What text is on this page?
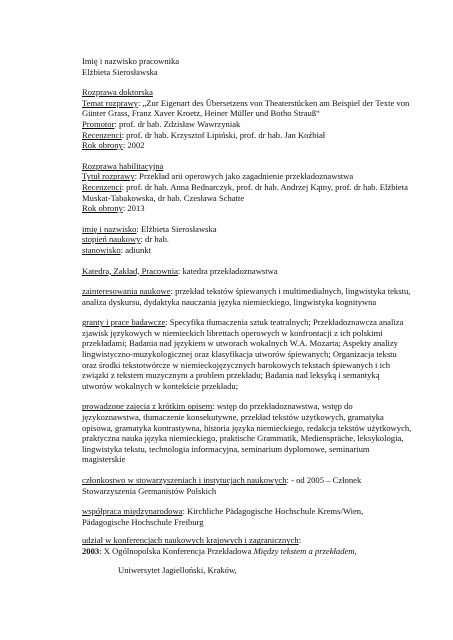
Imię i nazwisko pracownika

Elżbieta Sierosławska

Rozprawa doktorska

Temat rozprawy: „Zur Eigenart des Übersetzens von Theaterstücken am Beispiel der Texte von Günter Grass, Franz Xaver Kroetz, Heiner Müller und Botho Strauß“

Promotor: prof. dr hab. Zdzisław Wawrzyniak

Recenzenci: prof. dr hab. Krzysztof Lipiński, prof. dr hab. Jan Koźbiał

Rok obrony: 2002

Rozprawa habilitacyjna

Tytuł rozprawy: Przekład arii operowych jako zagadnienie przekładoznawstwa

Recenzenci: prof. dr hab. Anna Bednarczyk, prof. dr hab. Andrzej Kątny, prof. dr hab. Elżbieta Muskat-Tabakowska, dr hab. Czesława Schatte

Rok obrony: 2013

imię i nazwisko: Elżbieta Sierosławska

stopień naukowy: dr hab.

stanowisko: adiunkt

Katedra, Zakład, Pracownia: katedra przekładoznawstwa

zainteresowania naukowe: przekład tekstów śpiewanych i multimedialnych, lingwistyka tekstu, analiza dyskursu, dydaktyka nauczania języka niemieckiego, lingwistyka kognitywna

granty i prace badawcze: Specyfika tłumaczenia sztuk teatralnych; Przekładoznawcza analiza zjawisk językowych w niemieckich librettach operowych w konfrontacji z ich polskimi przekładami; Badania nad językiem w utworach wokalnych W.A. Mozarta; Aspekty analizy lingwistyczno-muzykologicznej oraz klasyfikacja utworów śpiewanych; Organizacja tekstu oraz środki tekstotwórcze w niemieckojęzycznych barokowych tekstach śpiewanych i ich związki z tekstem muzycznym a problem przekładu; Badania nad leksyką i semantyką utworów wokalnych w kontekście przekładu;

prowadzone zajęcia z krótkim opisem: wstęp do przekładoznawstwa, wstęp do językoznawstwa, tłumaczenie konsekutywne, przekład tekstów użytkowych, gramatyka opisowa, gramatyka kontrastywna, historia języka niemieckiego, redakcja tekstów użytkowych, praktyczna nauka języka niemieckiego, praktische Grammatik, Medienspräche, leksykologia, lingwistyka tekstu, technologia informacyjna, seminarium dyplomowe, seminarium magisterskie

członkostwo w stowarzyszeniach i instytucjach naukowych: - od 2005 – Członek Stowarzyszenia Germanistów Polskich

współpraca międzynarodowa: Kirchliche Pädagogische Hochschule Krems/Wien, Pädagogische Hochschule Freiburg

udział w konferencjach naukowych krajowych i zagranicznych:

2003: X Ogólnopolska Konferencja Przekładowa Między tekstem a przekładem,

Uniwersytet Jagielloński, Kraków,
